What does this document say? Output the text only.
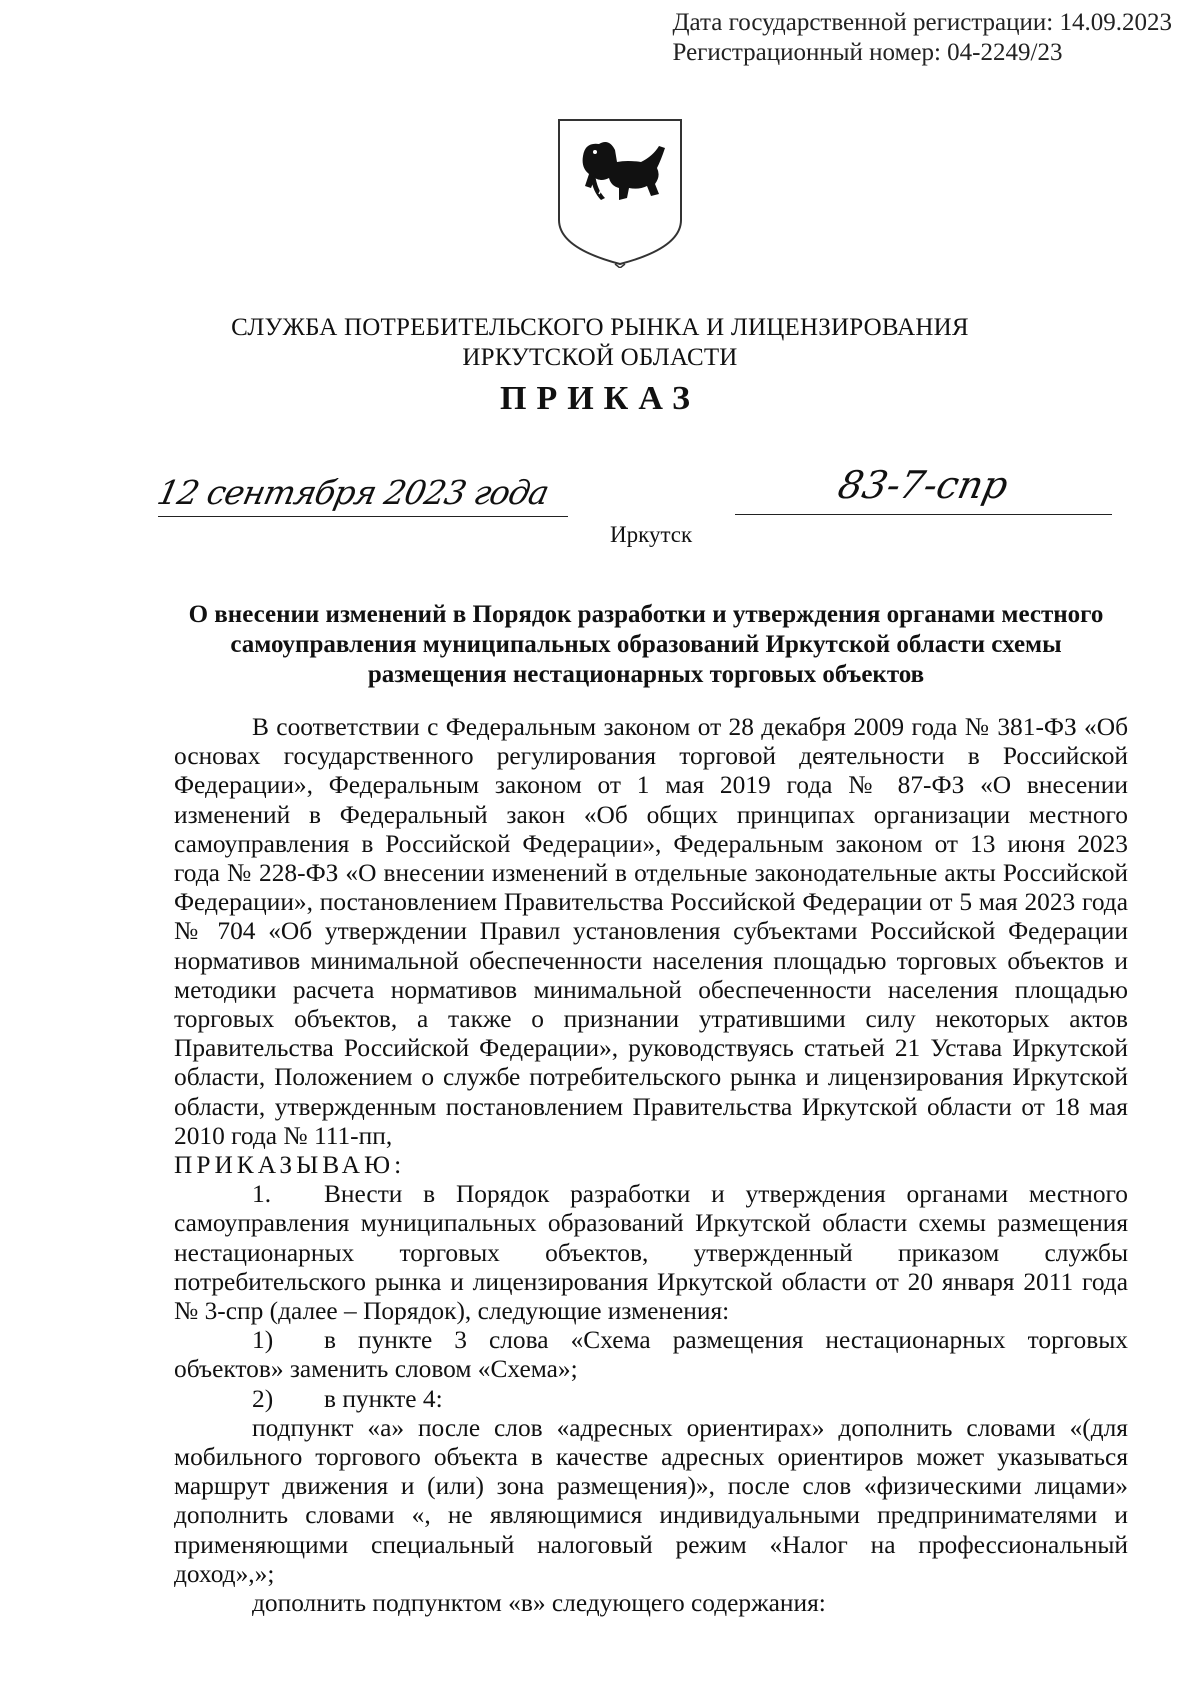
Дата государственной регистрации: 14.09.2023
Регистрационный номер: 04-2249/23
СЛУЖБА ПОТРЕБИТЕЛЬСКОГО РЫНКА И ЛИЦЕНЗИРОВАНИЯ
ИРКУТСКОЙ ОБЛАСТИ
ПРИКАЗ
12 сентября 2023 года
Иркутск
83-7-спр
О внесении изменений в Порядок разработки и утверждения органами местного самоуправления муниципальных образований Иркутской области схемы размещения нестационарных торговых объектов

В соответствии с Федеральным законом от 28 декабря 2009 года № 381-ФЗ «Об основах государственного регулирования торговой деятельности в Российской Федерации», Федеральным законом от 1 мая 2019 года № 87-ФЗ «О внесении изменений в Федеральный закон «Об общих принципах организации местного самоуправления в Российской Федерации», Федеральным законом от 13 июня 2023 года № 228-ФЗ «О внесении изменений в отдельные законодательные акты Российской Федерации», постановлением Правительства Российской Федерации от 5 мая 2023 года № 704 «Об утверждении Правил установления субъектами Российской Федерации нормативов минимальной обеспеченности населения площадью торговых объектов и методики расчета нормативов минимальной обеспеченности населения площадью торговых объектов, а также о признании утратившими силу некоторых актов Правительства Российской Федерации», руководствуясь статьей 21 Устава Иркутской области, Положением о службе потребительского рынка и лицензирования Иркутской области, утвержденным постановлением Правительства Иркутской области от 18 мая 2010 года № 111-пп,

ПРИКАЗЫВАЮ:

1. Внести в Порядок разработки и утверждения органами местного самоуправления муниципальных образований Иркутской области схемы размещения нестационарных торговых объектов, утвержденный приказом службы потребительского рынка и лицензирования Иркутской области от 20 января 2011 года № 3-спр (далее – Порядок), следующие изменения:

1) в пункте 3 слова «Схема размещения нестационарных торговых объектов» заменить словом «Схема»;

2) в пункте 4:

подпункт «а» после слов «адресных ориентирах» дополнить словами «(для мобильного торгового объекта в качестве адресных ориентиров может указываться маршрут движения и (или) зона размещения)», после слов «физическими лицами» дополнить словами «, не являющимися индивидуальными предпринимателями и применяющими специальный налоговый режим «Налог на профессиональный доход»,»;

дополнить подпунктом «в» следующего содержания:
